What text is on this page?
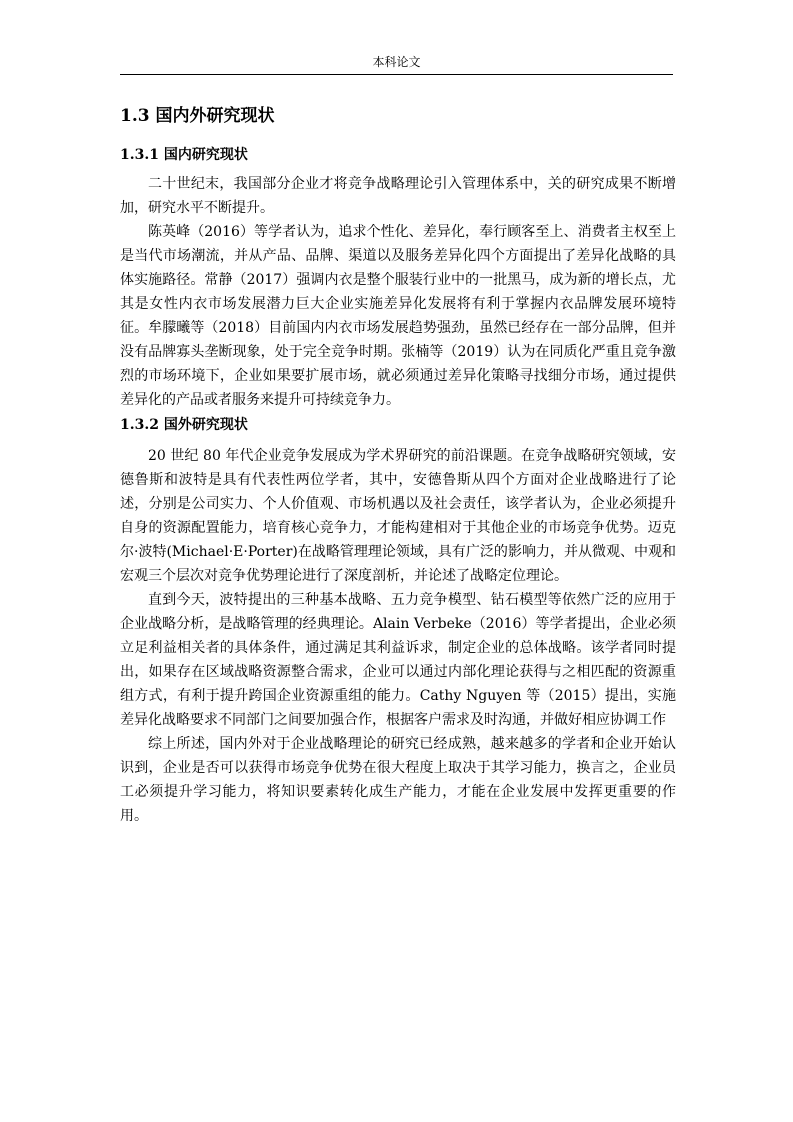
本科论文
1.3 国内外研究现状
1.3.1 国内研究现状

二十世纪末，我国部分企业才将竞争战略理论引入管理体系中，关的研究成果不断增加，研究水平不断提升。

陈英峰（2016）等学者认为，追求个性化、差异化，奉行顾客至上、消费者主权至上是当代市场潮流，并从产品、品牌、渠道以及服务差异化四个方面提出了差异化战略的具体实施路径。常静（2017）强调内衣是整个服装行业中的一批黑马，成为新的增长点，尤其是女性内衣市场发展潜力巨大企业实施差异化发展将有利于掌握内衣品牌发展环境特征。牟朦曦等（2018）目前国内内衣市场发展趋势强劲，虽然已经存在一部分品牌，但并没有品牌寡头垄断现象，处于完全竞争时期。张楠等（2019）认为在同质化严重且竞争激烈的市场环境下，企业如果要扩展市场，就必须通过差异化策略寻找细分市场，通过提供差异化的产品或者服务来提升可持续竞争力。

1.3.2 国外研究现状

20 世纪 80 年代企业竞争发展成为学术界研究的前沿课题。在竞争战略研究领域，安德鲁斯和波特是具有代表性两位学者，其中，安德鲁斯从四个方面对企业战略进行了论述，分别是公司实力、个人价值观、市场机遇以及社会责任，该学者认为，企业必须提升自身的资源配置能力，培育核心竞争力，才能构建相对于其他企业的市场竞争优势。迈克尔·波特(Michael·E·Porter)在战略管理理论领域，具有广泛的影响力，并从微观、中观和宏观三个层次对竞争优势理论进行了深度剖析，并论述了战略定位理论。

直到今天，波特提出的三种基本战略、五力竞争模型、钻石模型等依然广泛的应用于企业战略分析，是战略管理的经典理论。Alain Verbeke（2016）等学者提出，企业必须立足利益相关者的具体条件，通过满足其利益诉求，制定企业的总体战略。该学者同时提出，如果存在区域战略资源整合需求，企业可以通过内部化理论获得与之相匹配的资源重组方式，有利于提升跨国企业资源重组的能力。Cathy Nguyen 等（2015）提出，实施差异化战略要求不同部门之间要加强合作，根据客户需求及时沟通，并做好相应协调工作

综上所述，国内外对于企业战略理论的研究已经成熟，越来越多的学者和企业开始认识到，企业是否可以获得市场竞争优势在很大程度上取决于其学习能力，换言之，企业员工必须提升学习能力，将知识要素转化成生产能力，才能在企业发展中发挥更重要的作用。
